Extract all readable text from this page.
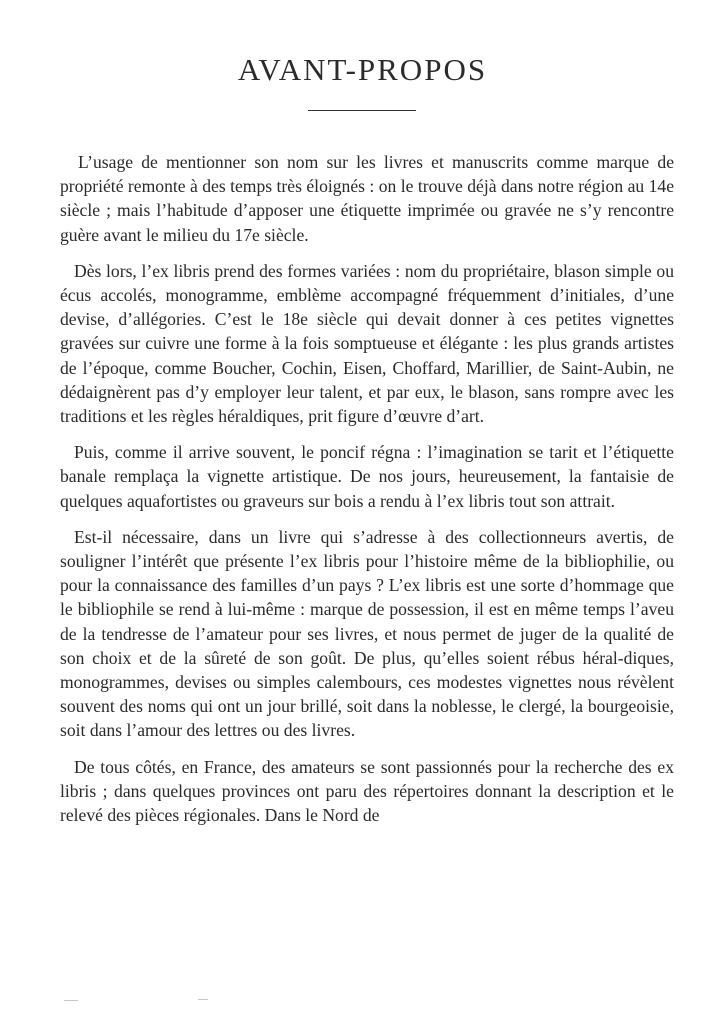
AVANT-PROPOS

L’usage de mentionner son nom sur les livres et manuscrits comme marque de propriété remonte à des temps très éloignés : on le trouve déjà dans notre région au 14e siècle ; mais l’habitude d’apposer une étiquette imprimée ou gravée ne s’y rencontre guère avant le milieu du 17e siècle.

Dès lors, l’ex libris prend des formes variées : nom du propriétaire, blason simple ou écus accolés, monogramme, emblème accompagné fréquemment d’initiales, d’une devise, d’allégories. C’est le 18e siècle qui devait donner à ces petites vignettes gravées sur cuivre une forme à la fois somptueuse et élégante : les plus grands artistes de l’époque, comme Boucher, Cochin, Eisen, Choffard, Marillier, de Saint-Aubin, ne dédaignèrent pas d’y employer leur talent, et par eux, le blason, sans rompre avec les traditions et les règles héraldiques, prit figure d’œuvre d’art.

Puis, comme il arrive souvent, le poncif régna : l’imagination se tarit et l’étiquette banale remplaça la vignette artistique. De nos jours, heureusement, la fantaisie de quelques aquafortistes ou graveurs sur bois a rendu à l’ex libris tout son attrait.

Est-il nécessaire, dans un livre qui s’adresse à des collectionneurs avertis, de souligner l’intérêt que présente l’ex libris pour l’histoire même de la bibliophilie, ou pour la connaissance des familles d’un pays ? L’ex libris est une sorte d’hommage que le bibliophile se rend à lui-même : marque de possession, il est en même temps l’aveu de la tendresse de l’amateur pour ses livres, et nous permet de juger de la qualité de son choix et de la sûreté de son goût. De plus, qu’elles soient rébus héral-diques, monogrammes, devises ou simples calembours, ces modestes vignettes nous révèlent souvent des noms qui ont un jour brillé, soit dans la noblesse, le clergé, la bourgeoisie, soit dans l’amour des lettres ou des livres.

De tous côtés, en France, des amateurs se sont passionnés pour la recherche des ex libris ; dans quelques provinces ont paru des répertoires donnant la description et le relevé des pièces régionales. Dans le Nord de
